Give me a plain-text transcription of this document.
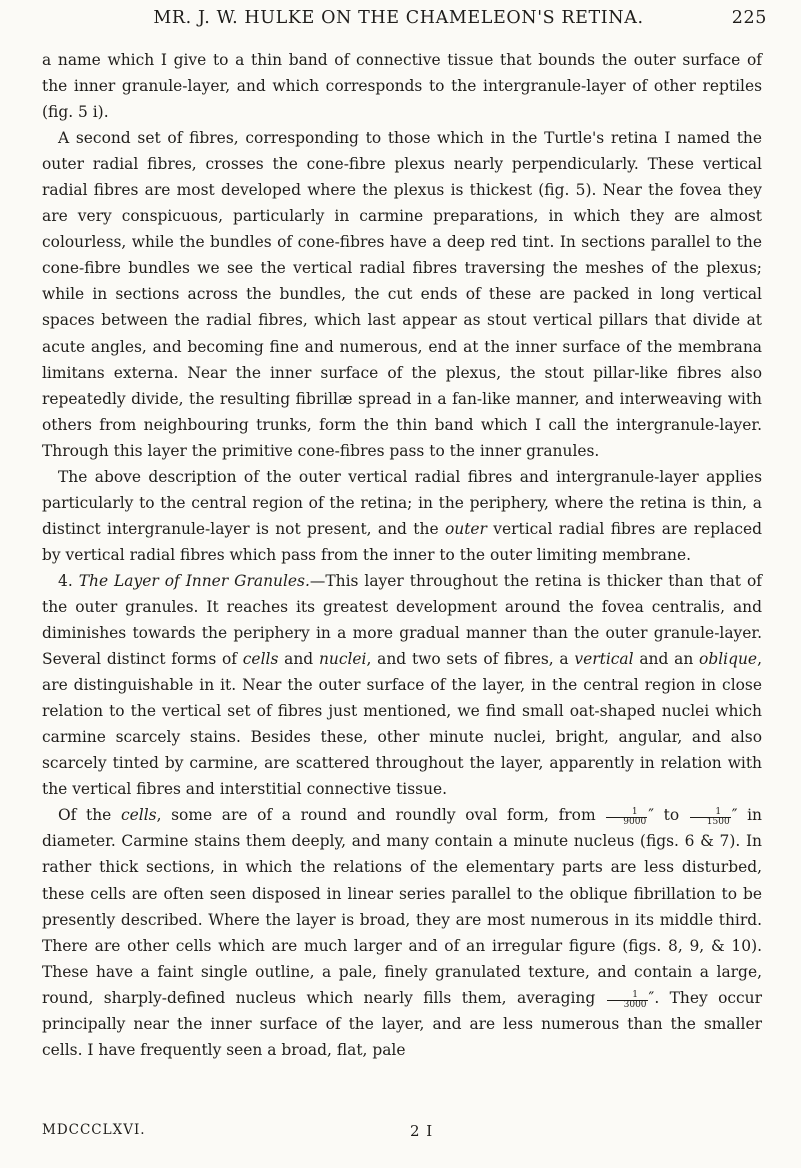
MR. J. W. HULKE ON THE CHAMELEON'S RETINA.	225

a name which I give to a thin band of connective tissue that bounds the outer surface of the inner granule-layer, and which corresponds to the intergranule-layer of other reptiles (fig. 5 i).

A second set of fibres, corresponding to those which in the Turtle's retina I named the outer radial fibres, crosses the cone-fibre plexus nearly perpendicularly. These vertical radial fibres are most developed where the plexus is thickest (fig. 5). Near the fovea they are very conspicuous, particularly in carmine preparations, in which they are almost colourless, while the bundles of cone-fibres have a deep red tint. In sections parallel to the cone-fibre bundles we see the vertical radial fibres traversing the meshes of the plexus; while in sections across the bundles, the cut ends of these are packed in long vertical spaces between the radial fibres, which last appear as stout vertical pillars that divide at acute angles, and becoming fine and numerous, end at the inner surface of the membrana limitans externa. Near the inner surface of the plexus, the stout pillar-like fibres also repeatedly divide, the resulting fibrillæ spread in a fan-like manner, and interweaving with others from neighbouring trunks, form the thin band which I call the intergranule-layer. Through this layer the primitive cone-fibres pass to the inner granules.

The above description of the outer vertical radial fibres and intergranule-layer applies particularly to the central region of the retina; in the periphery, where the retina is thin, a distinct intergranule-layer is not present, and the outer vertical radial fibres are replaced by vertical radial fibres which pass from the inner to the outer limiting membrane.

4. The Layer of Inner Granules.—This layer throughout the retina is thicker than that of the outer granules. It reaches its greatest development around the fovea centralis, and diminishes towards the periphery in a more gradual manner than the outer granule-layer. Several distinct forms of cells and nuclei, and two sets of fibres, a vertical and an oblique, are distinguishable in it. Near the outer surface of the layer, in the central region in close relation to the vertical set of fibres just mentioned, we find small oat-shaped nuclei which carmine scarcely stains. Besides these, other minute nuclei, bright, angular, and also scarcely tinted by carmine, are scattered throughout the layer, apparently in relation with the vertical fibres and interstitial connective tissue.

Of the cells, some are of a round and roundly oval form, from $\frac{1}{9000}$ ″ to $\frac{1}{1500}$ ″ in diameter. Carmine stains them deeply, and many contain a minute nucleus (figs. 6 & 7). In rather thick sections, in which the relations of the elementary parts are less disturbed, these cells are often seen disposed in linear series parallel to the oblique fibrillation to be presently described. Where the layer is broad, they are most numerous in its middle third. There are other cells which are much larger and of an irregular figure (figs. 8, 9, & 10). These have a faint single outline, a pale, finely granulated texture, and contain a large, round, sharply-defined nucleus which nearly fills them, averaging $\frac{1}{3000}$ ″. They occur principally near the inner surface of the layer, and are less numerous than the smaller cells. I have frequently seen a broad, flat, pale

MDCCCLXVI.	2 I
